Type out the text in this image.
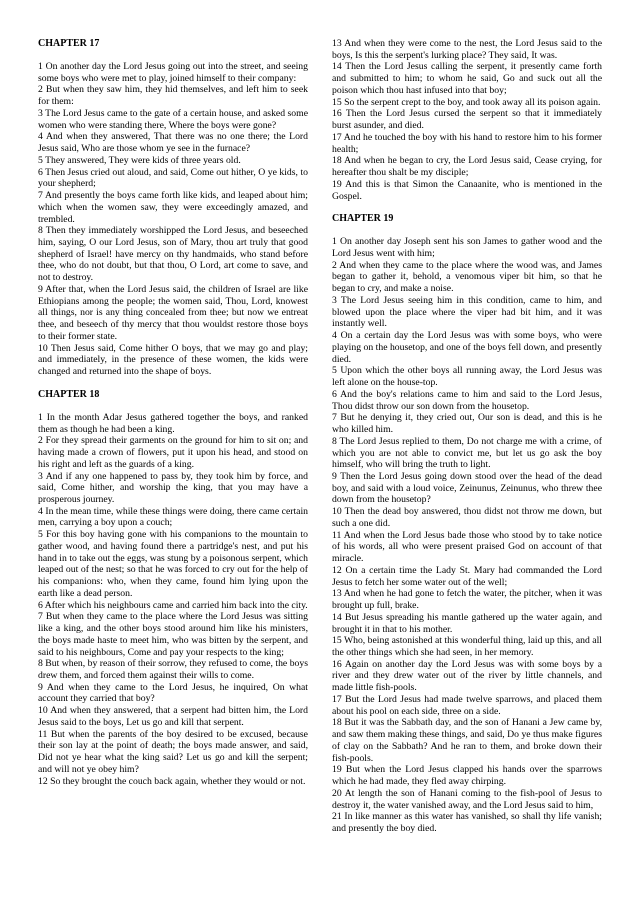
CHAPTER 17

1 On another day the Lord Jesus going out into the street, and seeing some boys who were met to play, joined himself to their company:

2 But when they saw him, they hid themselves, and left him to seek for them:

3 The Lord Jesus came to the gate of a certain house, and asked some women who were standing there, Where the boys were gone?

4 And when they answered, That there was no one there; the Lord Jesus said, Who are those whom ye see in the furnace?

5 They answered, They were kids of three years old.

6 Then Jesus cried out aloud, and said, Come out hither, O ye kids, to your shepherd;

7 And presently the boys came forth like kids, and leaped about him; which when the women saw, they were exceedingly amazed, and trembled.

8 Then they immediately worshipped the Lord Jesus, and beseeched him, saying, O our Lord Jesus, son of Mary, thou art truly that good shepherd of Israel! have mercy on thy handmaids, who stand before thee, who do not doubt, but that thou, O Lord, art come to save, and not to destroy.

9 After that, when the Lord Jesus said, the children of Israel are like Ethiopians among the people; the women said, Thou, Lord, knowest all things, nor is any thing concealed from thee; but now we entreat thee, and beseech of thy mercy that thou wouldst restore those boys to their former state.

10 Then Jesus said, Come hither O boys, that we may go and play; and immediately, in the presence of these women, the kids were changed and returned into the shape of boys.

CHAPTER 18

1 In the month Adar Jesus gathered together the boys, and ranked them as though he had been a king.

2 For they spread their garments on the ground for him to sit on; and having made a crown of flowers, put it upon his head, and stood on his right and left as the guards of a king.

3 And if any one happened to pass by, they took him by force, and said, Come hither, and worship the king, that you may have a prosperous journey.

4 In the mean time, while these things were doing, there came certain men, carrying a boy upon a couch;

5 For this boy having gone with his companions to the mountain to gather wood, and having found there a partridge's nest, and put his hand in to take out the eggs, was stung by a poisonous serpent, which leaped out of the nest; so that he was forced to cry out for the help of his companions: who, when they came, found him lying upon the earth like a dead person.

6 After which his neighbours came and carried him back into the city.

7 But when they came to the place where the Lord Jesus was sitting like a king, and the other boys stood around him like his ministers, the boys made haste to meet him, who was bitten by the serpent, and said to his neighbours, Come and pay your respects to the king;

8 But when, by reason of their sorrow, they refused to come, the boys drew them, and forced them against their wills to come.

9 And when they came to the Lord Jesus, he inquired, On what account they carried that boy?

10 And when they answered, that a serpent had bitten him, the Lord Jesus said to the boys, Let us go and kill that serpent.

11 But when the parents of the boy desired to be excused, because their son lay at the point of death; the boys made answer, and said, Did not ye hear what the king said? Let us go and kill the serpent; and will not ye obey him?

12 So they brought the couch back again, whether they would or not.

13 And when they were come to the nest, the Lord Jesus said to the boys, Is this the serpent's lurking place? They said, It was.

14 Then the Lord Jesus calling the serpent, it presently came forth and submitted to him; to whom he said, Go and suck out all the poison which thou hast infused into that boy;

15 So the serpent crept to the boy, and took away all its poison again.

16 Then the Lord Jesus cursed the serpent so that it immediately burst asunder, and died.

17 And he touched the boy with his hand to restore him to his former health;

18 And when he began to cry, the Lord Jesus said, Cease crying, for hereafter thou shalt be my disciple;

19 And this is that Simon the Canaanite, who is mentioned in the Gospel.

CHAPTER 19

1 On another day Joseph sent his son James to gather wood and the Lord Jesus went with him;

2 And when they came to the place where the wood was, and James began to gather it, behold, a venomous viper bit him, so that he began to cry, and make a noise.

3 The Lord Jesus seeing him in this condition, came to him, and blowed upon the place where the viper had bit him, and it was instantly well.

4 On a certain day the Lord Jesus was with some boys, who were playing on the housetop, and one of the boys fell down, and presently died.

5 Upon which the other boys all running away, the Lord Jesus was left alone on the house-top.

6 And the boy's relations came to him and said to the Lord Jesus, Thou didst throw our son down from the housetop.

7 But he denying it, they cried out, Our son is dead, and this is he who killed him.

8 The Lord Jesus replied to them, Do not charge me with a crime, of which you are not able to convict me, but let us go ask the boy himself, who will bring the truth to light.

9 Then the Lord Jesus going down stood over the head of the dead boy, and said with a loud voice, Zeinunus, Zeinunus, who threw thee down from the housetop?

10 Then the dead boy answered, thou didst not throw me down, but such a one did.

11 And when the Lord Jesus bade those who stood by to take notice of his words, all who were present praised God on account of that miracle.

12 On a certain time the Lady St. Mary had commanded the Lord Jesus to fetch her some water out of the well;

13 And when he had gone to fetch the water, the pitcher, when it was brought up full, brake.

14 But Jesus spreading his mantle gathered up the water again, and brought it in that to his mother.

15 Who, being astonished at this wonderful thing, laid up this, and all the other things which she had seen, in her memory.

16 Again on another day the Lord Jesus was with some boys by a river and they drew water out of the river by little channels, and made little fish-pools.

17 But the Lord Jesus had made twelve sparrows, and placed them about his pool on each side, three on a side.

18 But it was the Sabbath day, and the son of Hanani a Jew came by, and saw them making these things, and said, Do ye thus make figures of clay on the Sabbath? And he ran to them, and broke down their fish-pools.

19 But when the Lord Jesus clapped his hands over the sparrows which he had made, they fled away chirping.

20 At length the son of Hanani coming to the fish-pool of Jesus to destroy it, the water vanished away, and the Lord Jesus said to him,

21 In like manner as this water has vanished, so shall thy life vanish; and presently the boy died.
